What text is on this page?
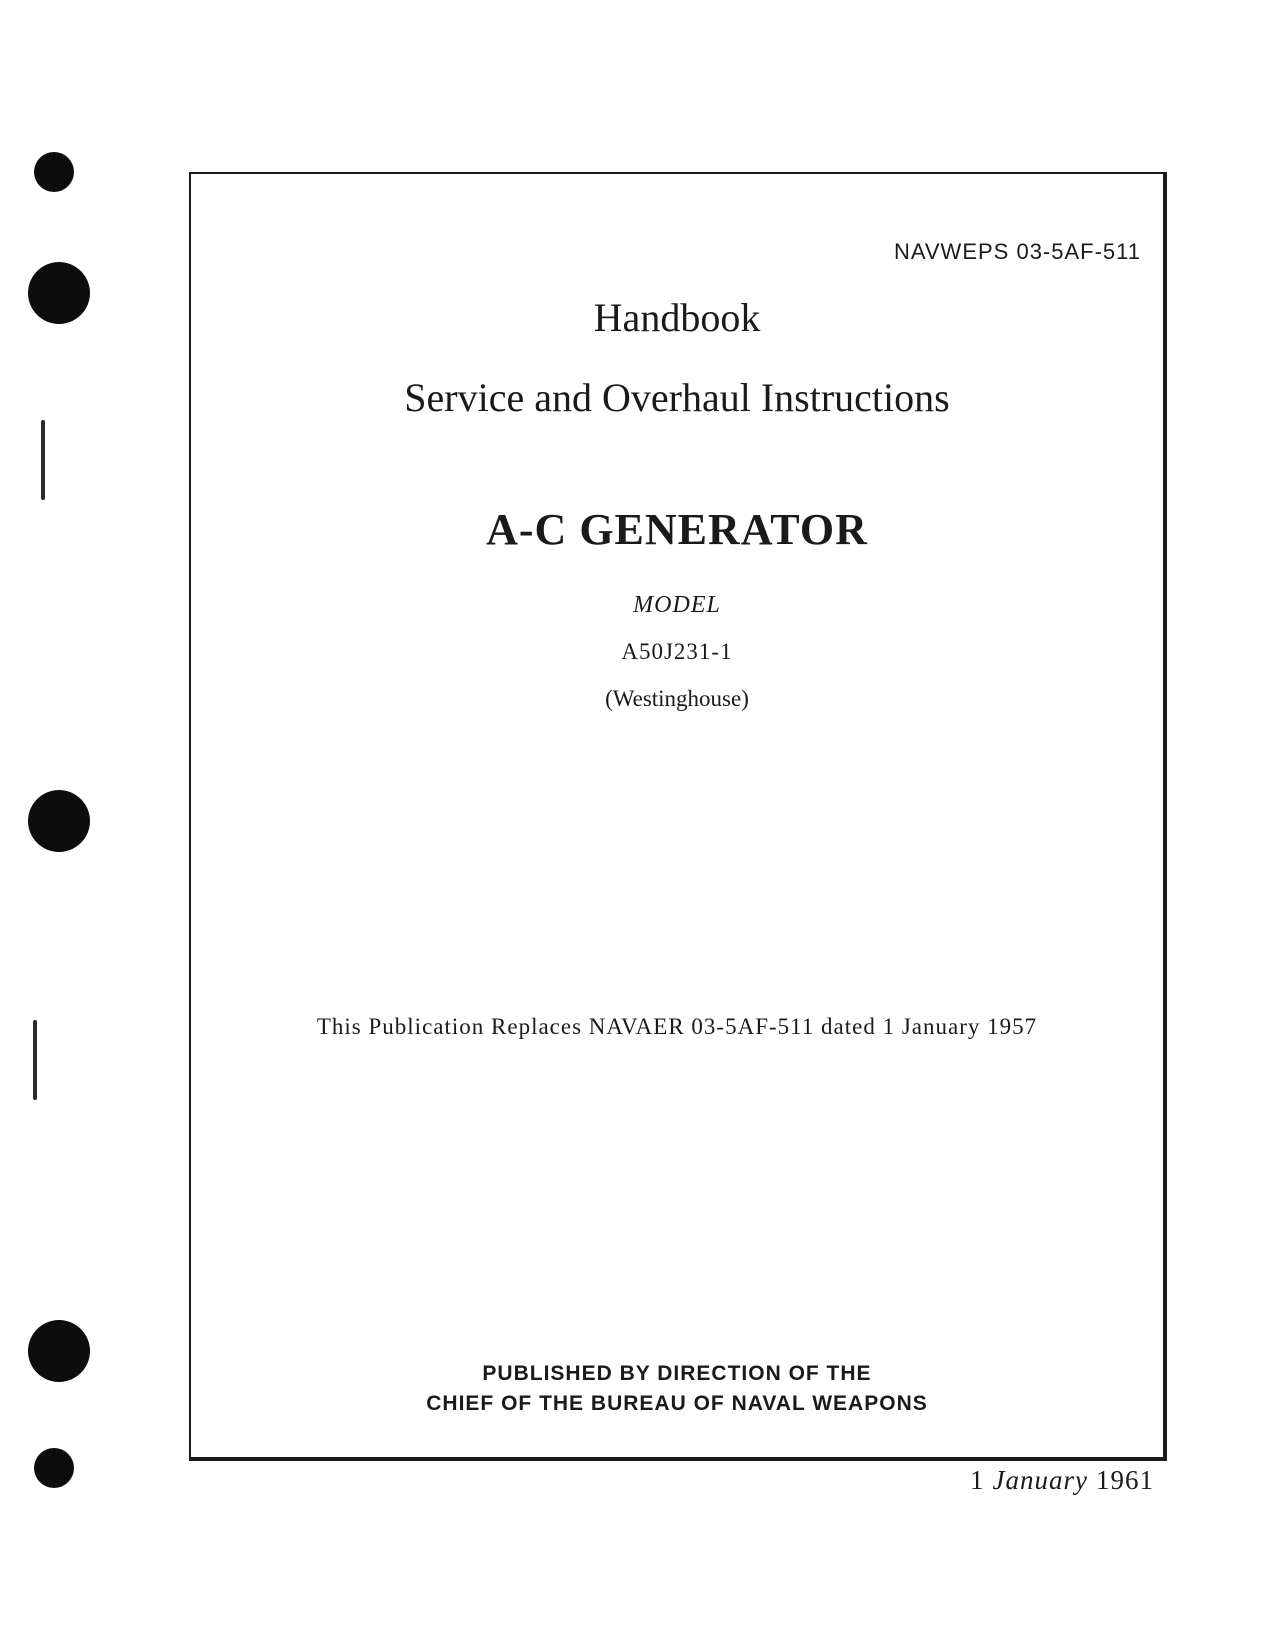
NAVWEPS 03-5AF-511
Handbook
Service and Overhaul Instructions
A-C GENERATOR
MODEL
A50J231-1
(Westinghouse)
This Publication Replaces NAVAER 03-5AF-511 dated 1 January 1957
PUBLISHED BY DIRECTION OF THE
CHIEF OF THE BUREAU OF NAVAL WEAPONS
1 January 1961
